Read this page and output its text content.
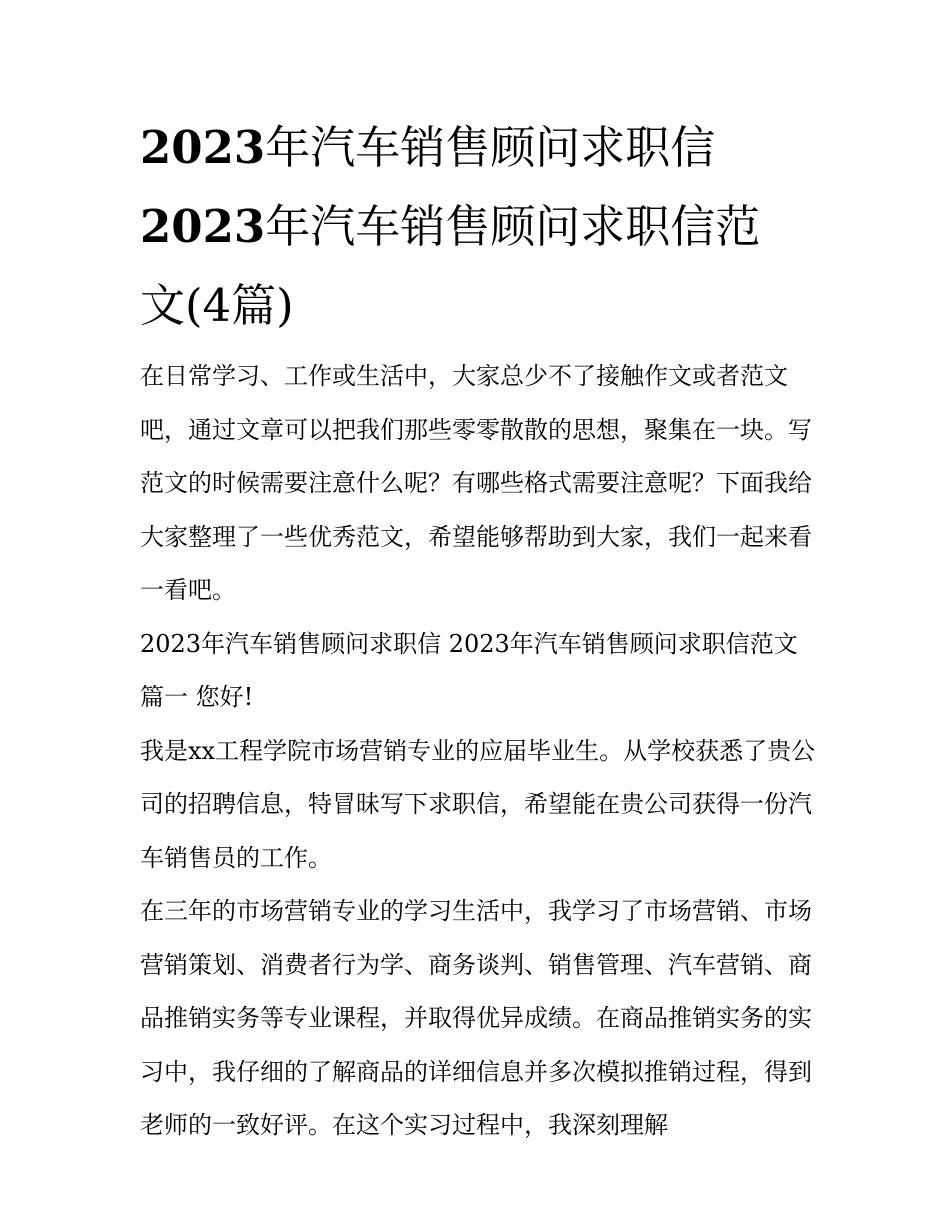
2023年汽车销售顾问求职信
2023年汽车销售顾问求职信范
文(4篇)

在日常学习、工作或生活中，大家总少不了接触作文或者范文吧，通过文章可以把我们那些零零散散的思想，聚集在一块。写范文的时候需要注意什么呢？有哪些格式需要注意呢？下面我给大家整理了一些优秀范文，希望能够帮助到大家，我们一起来看一看吧。

2023年汽车销售顾问求职信 2023年汽车销售顾问求职信范文篇一 您好!

我是xx工程学院市场营销专业的应届毕业生。从学校获悉了贵公司的招聘信息，特冒昧写下求职信，希望能在贵公司获得一份汽车销售员的工作。

在三年的市场营销专业的学习生活中，我学习了市场营销、市场营销策划、消费者行为学、商务谈判、销售管理、汽车营销、商品推销实务等专业课程，并取得优异成绩。在商品推销实务的实习中，我仔细的了解商品的详细信息并多次模拟推销过程，得到老师的一致好评。在这个实习过程中，我深刻理解
